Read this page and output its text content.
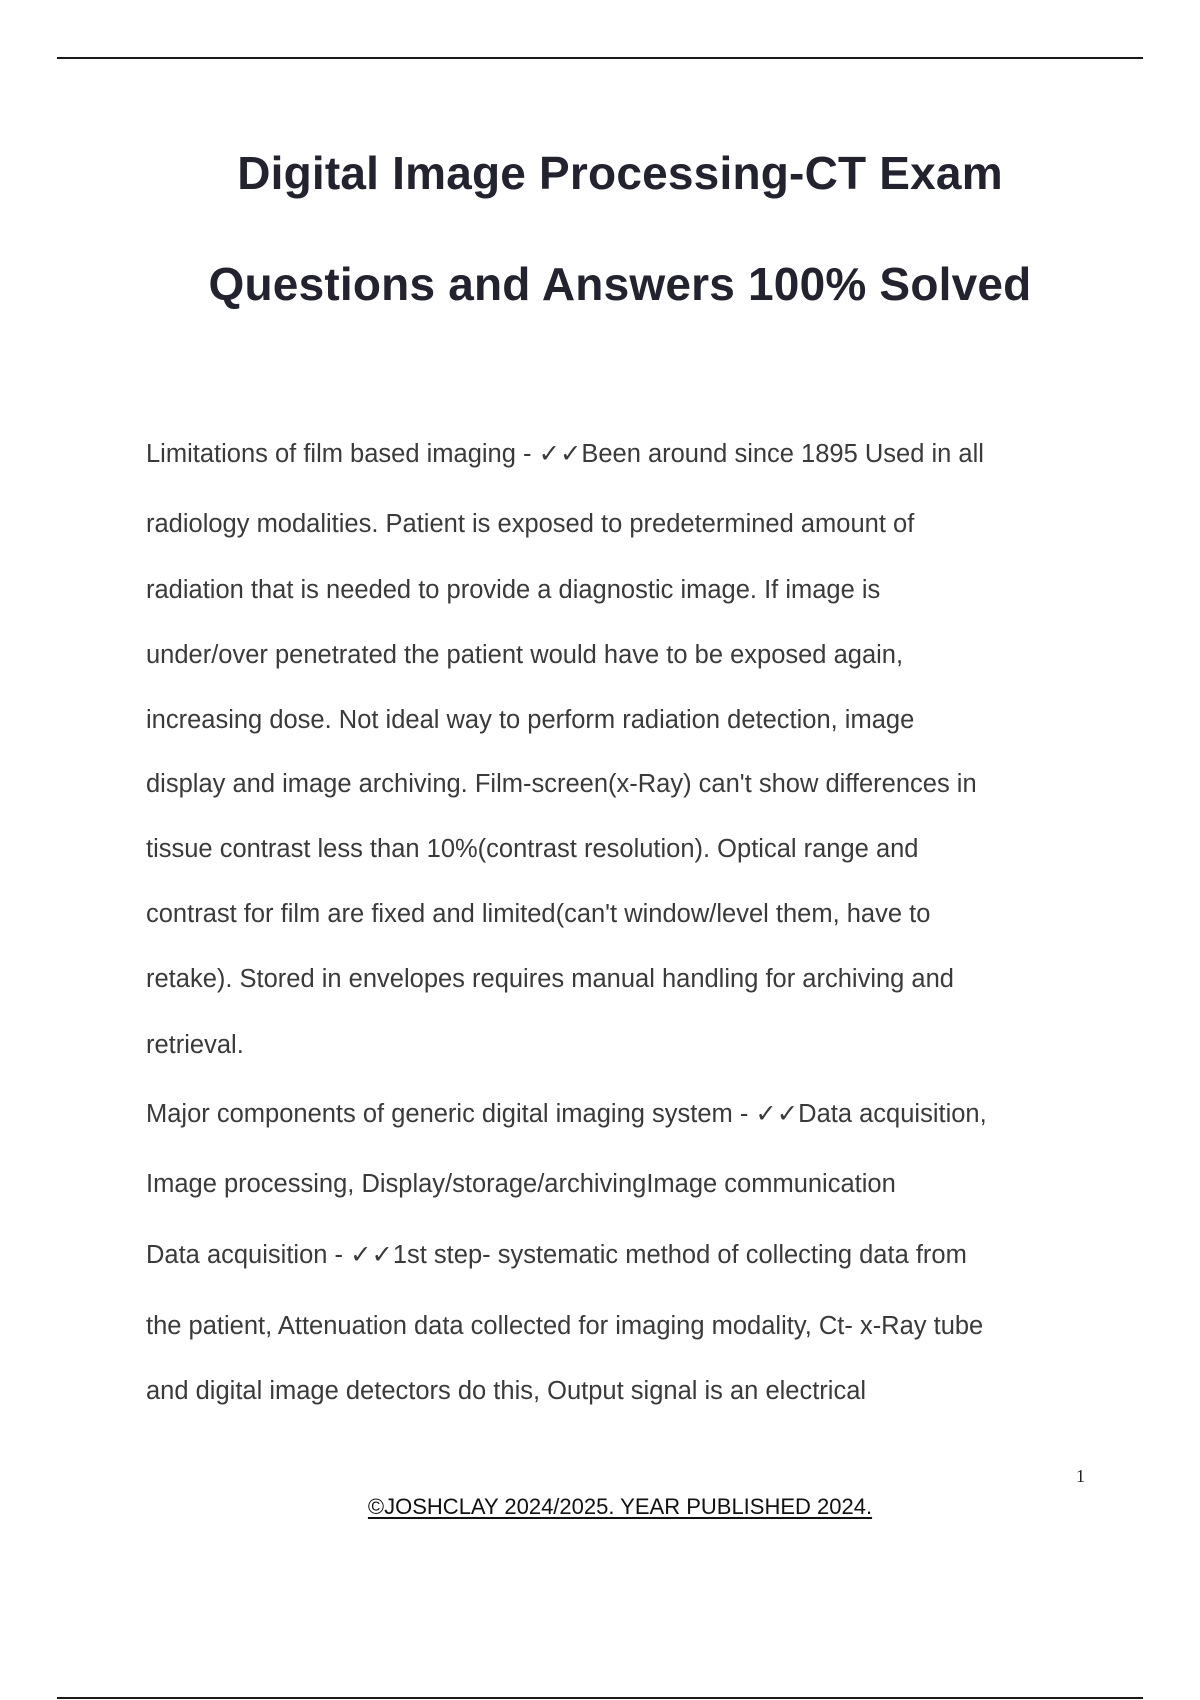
Digital Image Processing-CT Exam
Questions and Answers 100% Solved
Limitations of film based imaging - ✓✓Been around since 1895 Used in all
radiology modalities. Patient is exposed to predetermined amount of
radiation that is needed to provide a diagnostic image. If image is
under/over penetrated the patient would have to be exposed again,
increasing dose. Not ideal way to perform radiation detection, image
display and image archiving. Film-screen(x-Ray) can't show differences in
tissue contrast less than 10%(contrast resolution). Optical range and
contrast for film are fixed and limited(can't window/level them, have to
retake). Stored in envelopes requires manual handling for archiving and
retrieval.
Major components of generic digital imaging system - ✓✓Data acquisition,
Image processing, Display/storage/archivingImage communication
Data acquisition - ✓✓1st step- systematic method of collecting data from
the patient, Attenuation data collected for imaging modality, Ct- x-Ray tube
and digital image detectors do this, Output signal is an electrical
1
©JOSHCLAY 2024/2025. YEAR PUBLISHED 2024.
